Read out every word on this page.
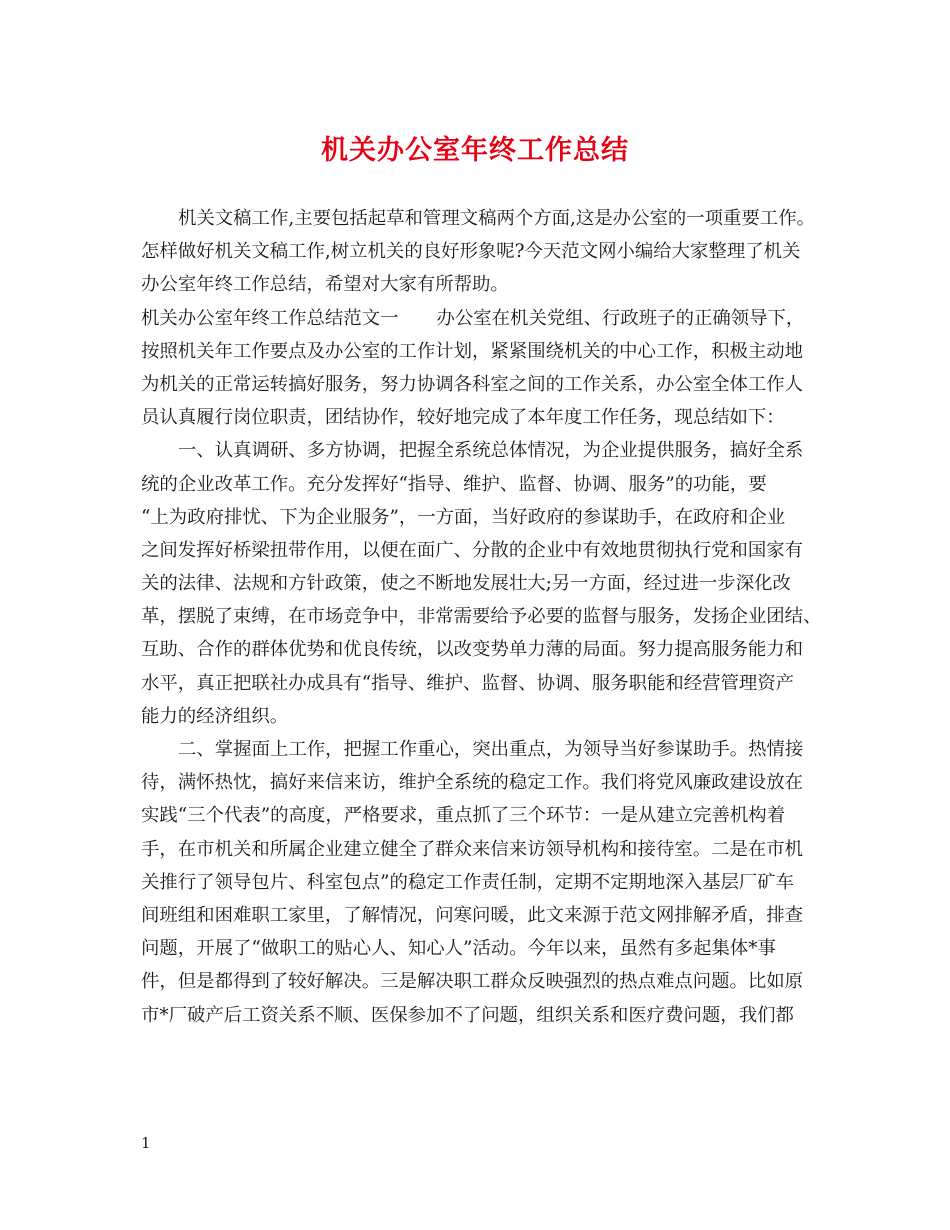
机关办公室年终工作总结
机关文稿工作,主要包括起草和管理文稿两个方面,这是办公室的一项重要工作。
怎样做好机关文稿工作,树立机关的良好形象呢?今天范文网小编给大家整理了机关
办公室年终工作总结，希望对大家有所帮助。
机关办公室年终工作总结范文一 办公室在机关党组、行政班子的正确领导下，
按照机关年工作要点及办公室的工作计划，紧紧围绕机关的中心工作，积极主动地
为机关的正常运转搞好服务，努力协调各科室之间的工作关系，办公室全体工作人
员认真履行岗位职责，团结协作，较好地完成了本年度工作任务，现总结如下：
一、认真调研、多方协调，把握全系统总体情况，为企业提供服务，搞好全系
统的企业改革工作。充分发挥好“指导、维护、监督、协调、服务”的功能，要
“上为政府排忧、下为企业服务”，一方面，当好政府的参谋助手，在政府和企业
之间发挥好桥梁扭带作用，以便在面广、分散的企业中有效地贯彻执行党和国家有
关的法律、法规和方针政策，使之不断地发展壮大;另一方面，经过进一步深化改
革，摆脱了束缚，在市场竞争中，非常需要给予必要的监督与服务，发扬企业团结、
互助、合作的群体优势和优良传统，以改变势单力薄的局面。努力提高服务能力和
水平，真正把联社办成具有“指导、维护、监督、协调、服务职能和经营管理资产
能力的经济组织。
二、掌握面上工作，把握工作重心，突出重点，为领导当好参谋助手。热情接
待，满怀热忱，搞好来信来访，维护全系统的稳定工作。我们将党风廉政建设放在
实践“三个代表”的高度，严格要求，重点抓了三个环节：一是从建立完善机构着
手，在市机关和所属企业建立健全了群众来信来访领导机构和接待室。二是在市机
关推行了领导包片、科室包点”的稳定工作责任制，定期不定期地深入基层厂矿车
间班组和困难职工家里，了解情况，问寒问暖，此文来源于范文网排解矛盾，排查
问题，开展了“做职工的贴心人、知心人”活动。今年以来，虽然有多起集体*事
件，但是都得到了较好解决。三是解决职工群众反映强烈的热点难点问题。比如原
市*厂破产后工资关系不顺、医保参加不了问题，组织关系和医疗费问题，我们都
1
